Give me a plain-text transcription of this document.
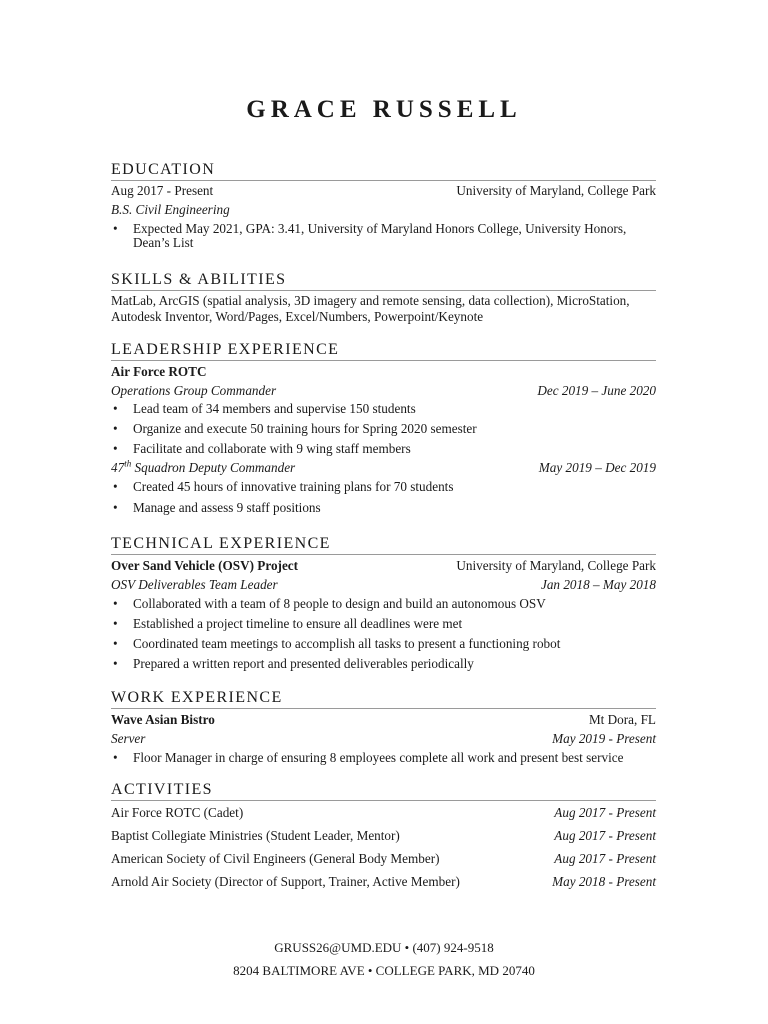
GRACE RUSSELL
EDUCATION
Aug 2017 - Present	University of Maryland, College Park
B.S. Civil Engineering
• Expected May 2021, GPA: 3.41, University of Maryland Honors College, University Honors, Dean’s List
SKILLS & ABILITIES
MatLab, ArcGIS (spatial analysis, 3D imagery and remote sensing, data collection), MicroStation,
Autodesk Inventor, Word/Pages, Excel/Numbers, Powerpoint/Keynote
LEADERSHIP EXPERIENCE
Air Force ROTC
Operations Group Commander	Dec 2019 – June 2020
• Lead team of 34 members and supervise 150 students
• Organize and execute 50 training hours for Spring 2020 semester
• Facilitate and collaborate with 9 wing staff members
47th Squadron Deputy Commander	May 2019 – Dec 2019
• Created 45 hours of innovative training plans for 70 students
• Manage and assess 9 staff positions
TECHNICAL EXPERIENCE
Over Sand Vehicle (OSV) Project	University of Maryland, College Park
OSV Deliverables Team Leader	Jan 2018 – May 2018
• Collaborated with a team of 8 people to design and build an autonomous OSV
• Established a project timeline to ensure all deadlines were met
• Coordinated team meetings to accomplish all tasks to present a functioning robot
• Prepared a written report and presented deliverables periodically
WORK EXPERIENCE
Wave Asian Bistro	Mt Dora, FL
Server	May 2019 - Present
• Floor Manager in charge of ensuring 8 employees complete all work and present best service
ACTIVITIES
Air Force ROTC (Cadet)	Aug 2017 - Present
Baptist Collegiate Ministries (Student Leader, Mentor)	Aug 2017 - Present
American Society of Civil Engineers (General Body Member)	Aug 2017 - Present
Arnold Air Society (Director of Support, Trainer, Active Member)	May 2018 - Present
GRUSS26@UMD.EDU • (407) 924-9518
8204 BALTIMORE AVE • COLLEGE PARK, MD 20740
